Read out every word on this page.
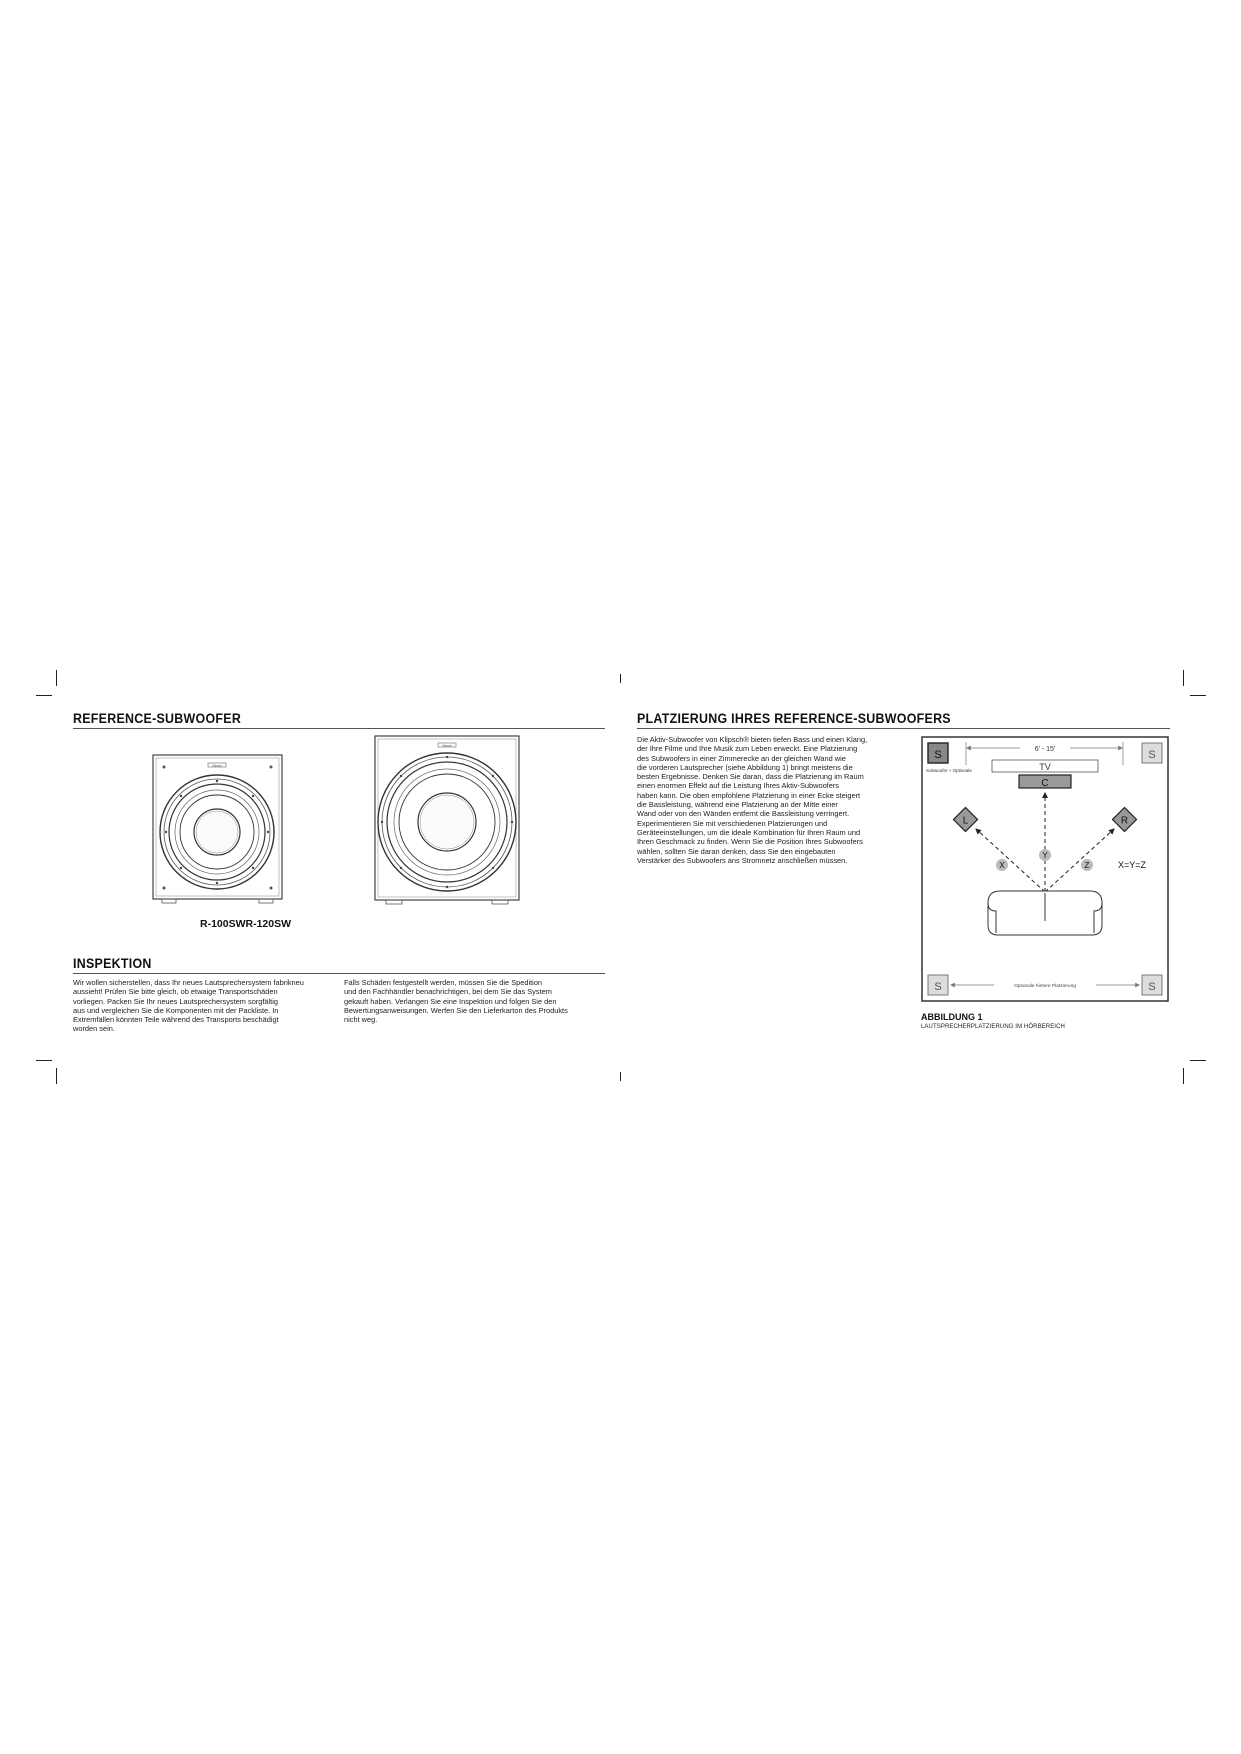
REFERENCE-SUBWOOFER
Klipsch
Klipsch
R-100SWR-120SW
INSPEKTION
Wir wollen sicherstellen, dass Ihr neues Lautsprechersystem fabrikneu
aussieht! Prüfen Sie bitte gleich, ob etwaige Transportschäden
vorliegen. Packen Sie Ihr neues Lautsprechersystem sorgfältig
aus und vergleichen Sie die Komponenten mit der Packliste. In
Extremfällen könnten Teile während des Transports beschädigt
worden sein.
Falls Schäden festgestellt werden, müssen Sie die Spedition
und den Fachhändler benachrichtigen, bei dem Sie das System
gekauft haben. Verlangen Sie eine Inspektion und folgen Sie den
Bewertungsanweisungen. Werfen Sie den Lieferkarton des Produkts
nicht weg.
PLATZIERUNG IHRES REFERENCE-SUBWOOFERS
Die Aktiv-Subwoofer von Klipsch® bieten tiefen Bass und einen Klang,
der Ihre Filme und Ihre Musik zum Leben erweckt. Eine Platzierung
des Subwoofers in einer Zimmerecke an der gleichen Wand wie
die vorderen Lautsprecher (siehe Abbildung 1) bringt meistens die
besten Ergebnisse. Denken Sie daran, dass die Platzierung im Raum
einen enormen Effekt auf die Leistung Ihres Aktiv-Subwoofers
haben kann. Die oben empfohlene Platzierung in einer Ecke steigert
die Bassleistung, während eine Platzierung an der Mitte einer
Wand oder von den Wänden entfernt die Bassleistung verringert.
Experimentieren Sie mit verschiedenen Platzierungen und
Geräteeinstellungen, um die ideale Kombination für Ihren Raum und
Ihren Geschmack zu finden. Wenn Sie die Position Ihres Subwoofers
wählen, sollten Sie daran denken, dass Sie den eingebauten
Verstärker des Subwoofers ans Stromnetz anschließen müssen.
S
Subwoofer + Optionale
S
6' - 15'
TV
C
L	R
X
Y
Z	X=Y=Z
S	S
Optionale hintere Platzierung
ABBILDUNG 1
LAUTSPRECHERPLATZIERUNG IM HÖRBEREICH
